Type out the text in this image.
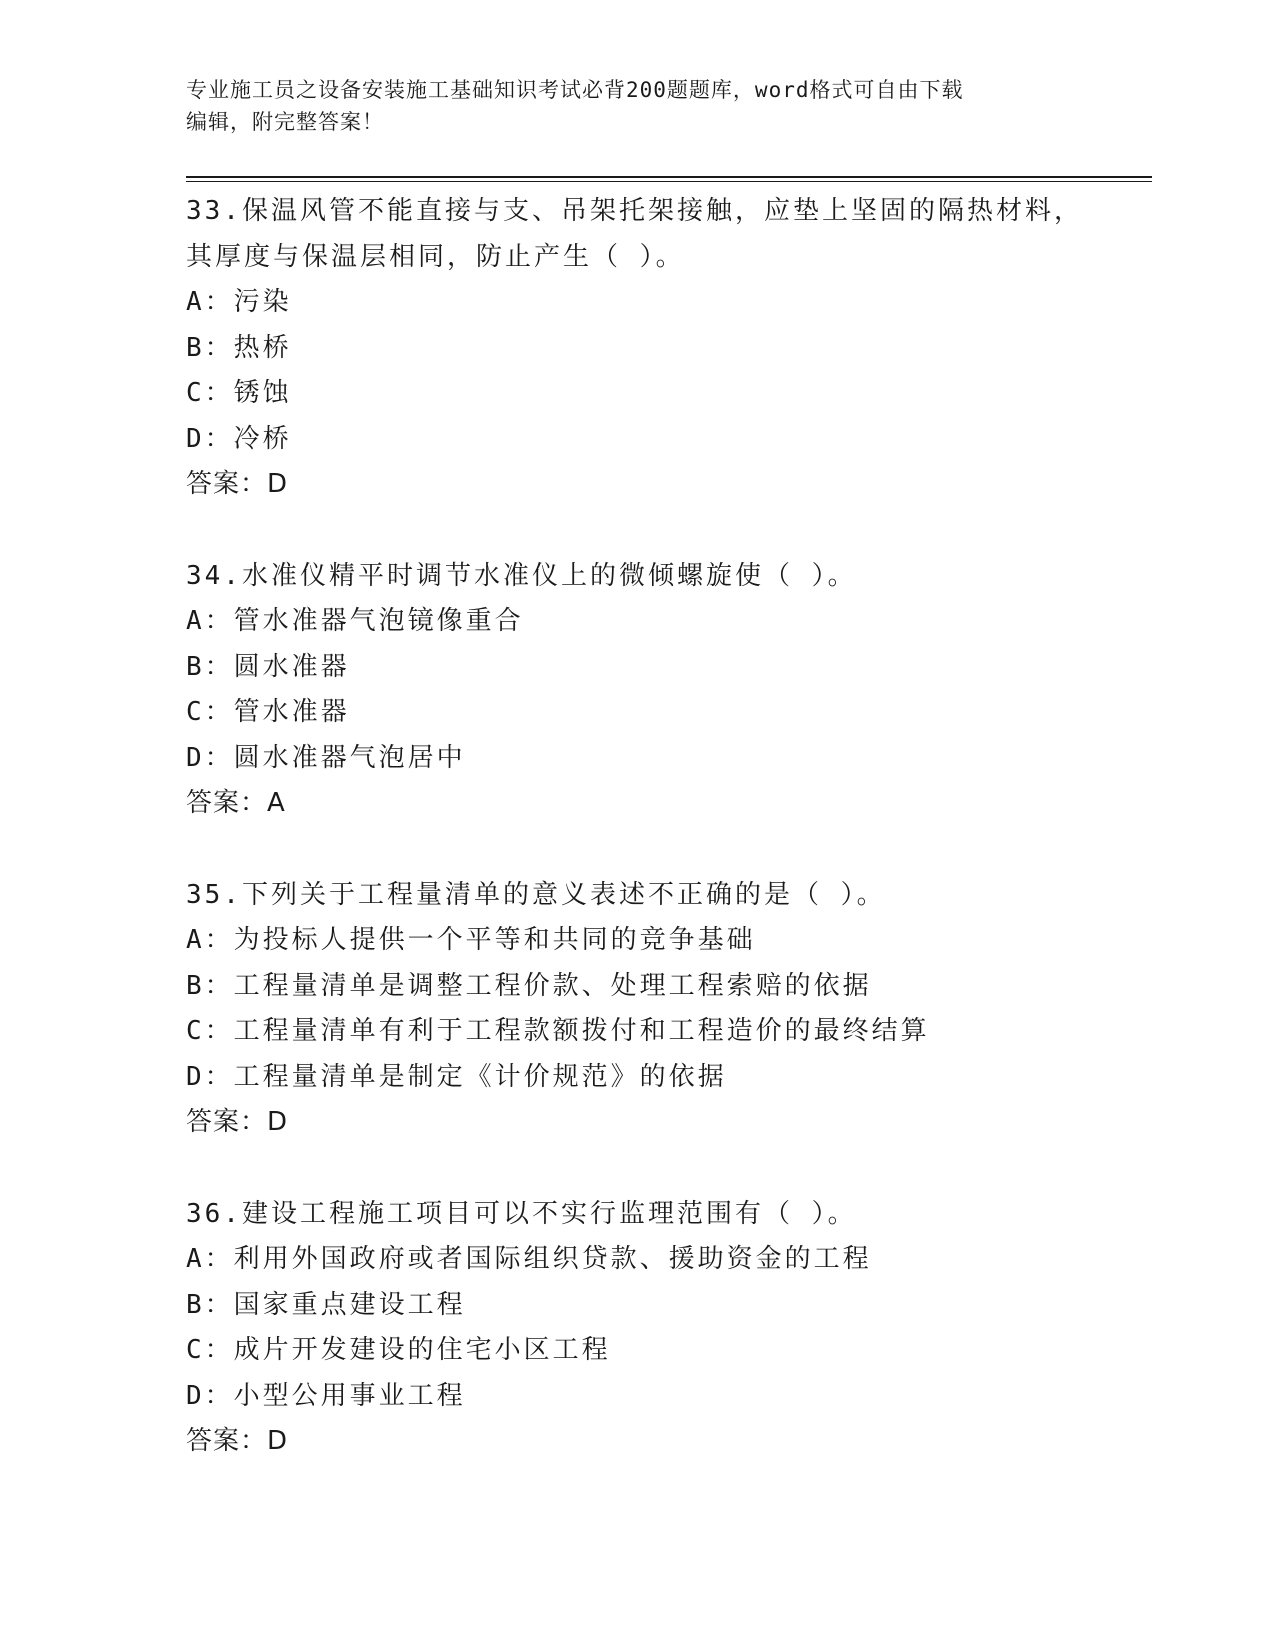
专业施工员之设备安装施工基础知识考试必背200题题库，word格式可自由下载
编辑，附完整答案！
33.保温风管不能直接与支、吊架托架接触，应垫上坚固的隔热材料，
其厚度与保温层相同，防止产生（ ）。
A：污染
B：热桥
C：锈蚀
D：冷桥
答案：D
34.水准仪精平时调节水准仪上的微倾螺旋使（ ）。
A：管水准器气泡镜像重合
B：圆水准器
C：管水准器
D：圆水准器气泡居中
答案：A
35.下列关于工程量清单的意义表述不正确的是（ ）。
A：为投标人提供一个平等和共同的竞争基础
B：工程量清单是调整工程价款、处理工程索赔的依据
C：工程量清单有利于工程款额拨付和工程造价的最终结算
D：工程量清单是制定《计价规范》的依据
答案：D
36.建设工程施工项目可以不实行监理范围有（ ）。
A：利用外国政府或者国际组织贷款、援助资金的工程
B：国家重点建设工程
C：成片开发建设的住宅小区工程
D：小型公用事业工程
答案：D
